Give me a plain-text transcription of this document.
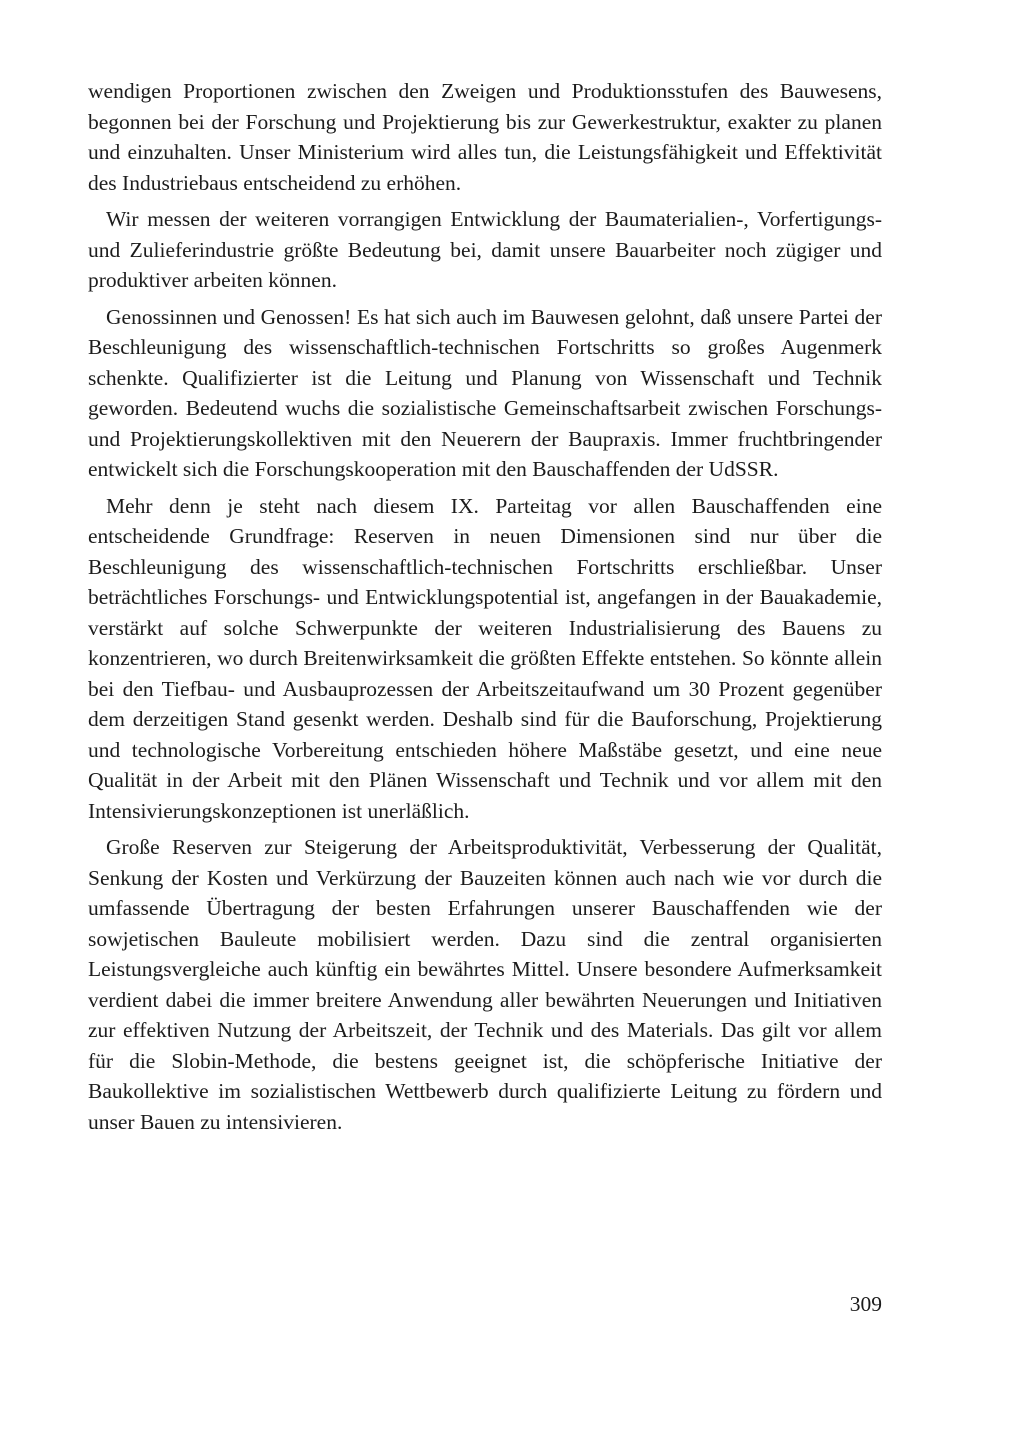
wendigen Proportionen zwischen den Zweigen und Produktionsstufen des Bauwesens, begonnen bei der Forschung und Projektierung bis zur Gewerkestruktur, exakter zu planen und einzuhalten. Unser Ministerium wird alles tun, die Leistungsfähigkeit und Effektivität des Industriebaus entscheidend zu erhöhen.

Wir messen der weiteren vorrangigen Entwicklung der Baumaterialien-, Vorfertigungs- und Zulieferindustrie größte Bedeutung bei, damit unsere Bauarbeiter noch zügiger und produktiver arbeiten können.

Genossinnen und Genossen! Es hat sich auch im Bauwesen gelohnt, daß unsere Partei der Beschleunigung des wissenschaftlich-technischen Fortschritts so großes Augenmerk schenkte. Qualifizierter ist die Leitung und Planung von Wissenschaft und Technik geworden. Bedeutend wuchs die sozialistische Gemeinschaftsarbeit zwischen Forschungs- und Projektierungskollektiven mit den Neuerern der Baupraxis. Immer fruchtbringender entwickelt sich die Forschungskooperation mit den Bauschaffenden der UdSSR.

Mehr denn je steht nach diesem IX. Parteitag vor allen Bauschaffenden eine entscheidende Grundfrage: Reserven in neuen Dimensionen sind nur über die Beschleunigung des wissenschaftlich-technischen Fortschritts erschließbar. Unser beträchtliches Forschungs- und Entwicklungspotential ist, angefangen in der Bauakademie, verstärkt auf solche Schwerpunkte der weiteren Industrialisierung des Bauens zu konzentrieren, wo durch Breitenwirksamkeit die größten Effekte entstehen. So könnte allein bei den Tiefbau- und Ausbauprozessen der Arbeitszeitaufwand um 30 Prozent gegenüber dem derzeitigen Stand gesenkt werden. Deshalb sind für die Bauforschung, Projektierung und technologische Vorbereitung entschieden höhere Maßstäbe gesetzt, und eine neue Qualität in der Arbeit mit den Plänen Wissenschaft und Technik und vor allem mit den Intensivierungskonzeptionen ist unerläßlich.

Große Reserven zur Steigerung der Arbeitsproduktivität, Verbesserung der Qualität, Senkung der Kosten und Verkürzung der Bauzeiten können auch nach wie vor durch die umfassende Übertragung der besten Erfahrungen unserer Bauschaffenden wie der sowjetischen Bauleute mobilisiert werden. Dazu sind die zentral organisierten Leistungsvergleiche auch künftig ein bewährtes Mittel. Unsere besondere Aufmerksamkeit verdient dabei die immer breitere Anwendung aller bewährten Neuerungen und Initiativen zur effektiven Nutzung der Arbeitszeit, der Technik und des Materials. Das gilt vor allem für die Slobin-Methode, die bestens geeignet ist, die schöpferische Initiative der Baukollektive im sozialistischen Wettbewerb durch qualifizierte Leitung zu fördern und unser Bauen zu intensivieren.

309
